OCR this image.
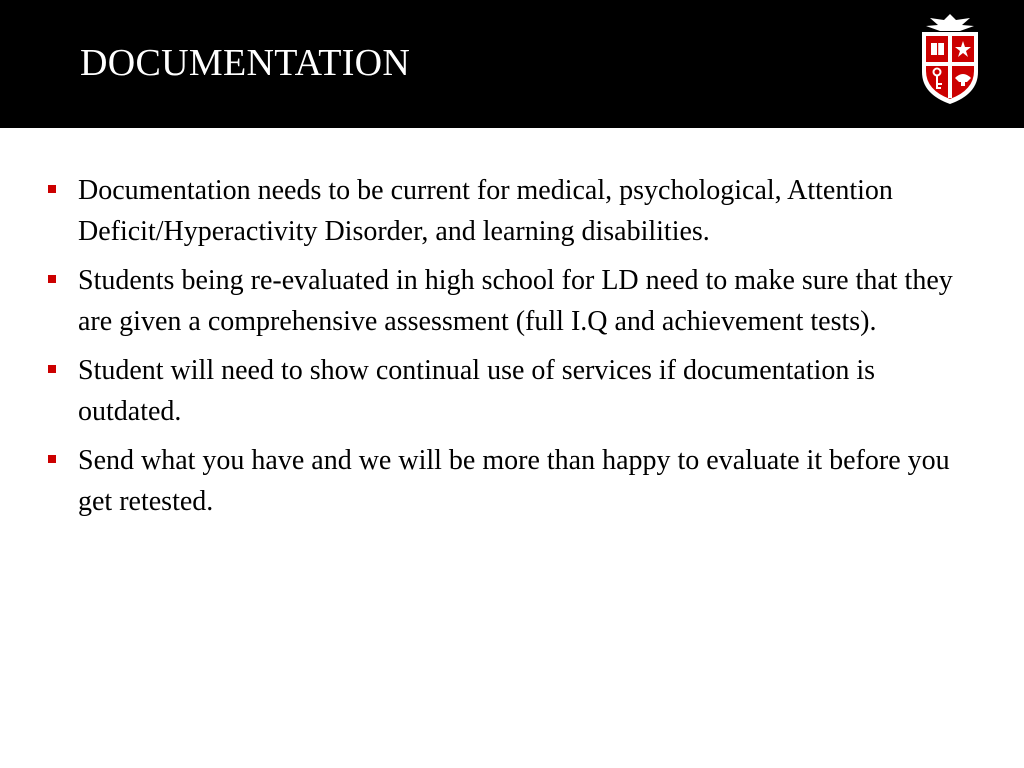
DOCUMENTATION
Documentation needs to be current for medical, psychological, Attention Deficit/Hyperactivity Disorder, and learning disabilities.
Students being re-evaluated in high school for LD need to make sure that they are given a comprehensive assessment (full I.Q and achievement tests).
Student will need to show continual use of services if documentation is outdated.
Send what you have and we will be more than happy to evaluate it before you get retested.
